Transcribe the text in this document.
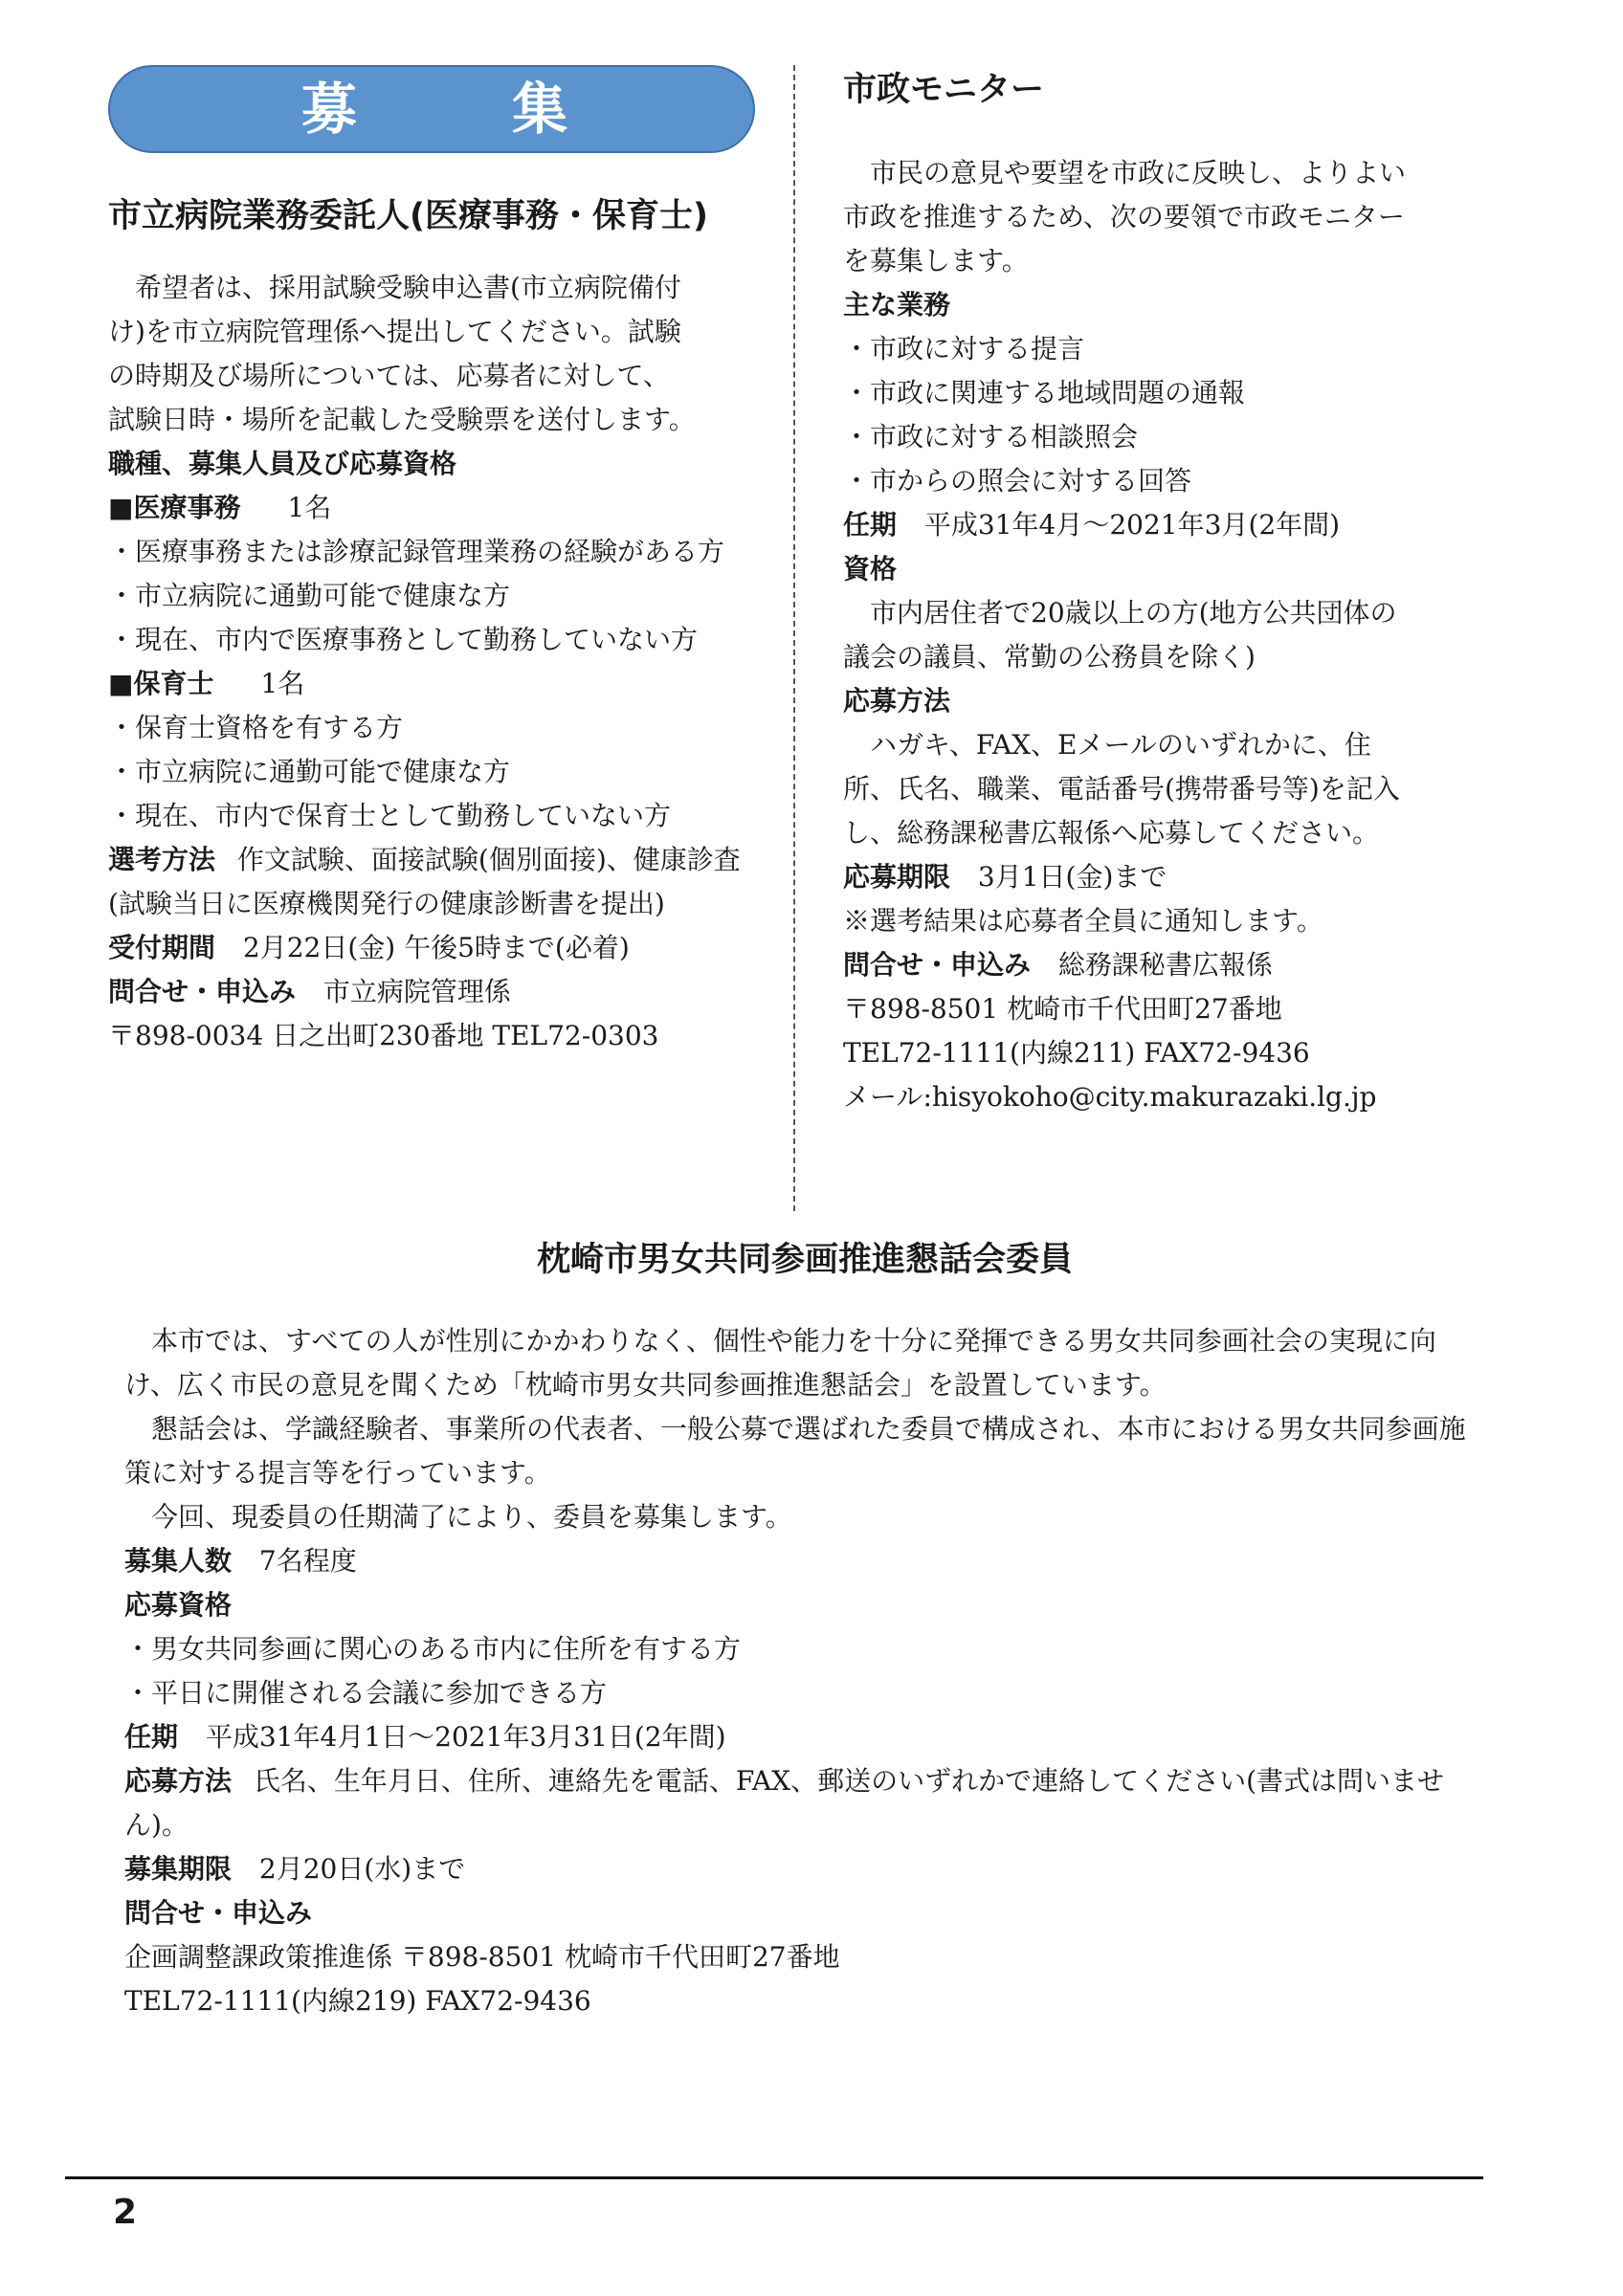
募	集
市立病院業務委託人(医療事務・保育士)
希望者は、採用試験受験申込書(市立病院備付
け)を市立病院管理係へ提出してください。試験
の時期及び場所については、応募者に対して、
試験日時・場所を記載した受験票を送付します。
職種、募集人員及び応募資格
■医療事務 1名
・医療事務または診療記録管理業務の経験がある方
・市立病院に通勤可能で健康な方
・現在、市内で医療事務として勤務していない方
■保育士 1名
・保育士資格を有する方
・市立病院に通勤可能で健康な方
・現在、市内で保育士として勤務していない方
選考方法 作文試験、面接試験(個別面接)、健康診査(試験当日に医療機関発行の健康診断書を提出)
受付期間 2月22日(金) 午後5時まで(必着)
問合せ・申込み 市立病院管理係
〒898-0034 日之出町230番地 TEL72-0303
市政モニター
市民の意見や要望を市政に反映し、よりよい
市政を推進するため、次の要領で市政モニター
を募集します。
主な業務
・市政に対する提言
・市政に関連する地域問題の通報
・市政に対する相談照会
・市からの照会に対する回答
任期 平成31年4月～2021年3月(2年間)
資格
市内居住者で20歳以上の方(地方公共団体の
議会の議員、常勤の公務員を除く)
応募方法
ハガキ、FAX、Eメールのいずれかに、住
所、氏名、職業、電話番号(携帯番号等)を記入
し、総務課秘書広報係へ応募してください。
応募期限 3月1日(金)まで
※選考結果は応募者全員に通知します。
問合せ・申込み 総務課秘書広報係
〒898-8501 枕崎市千代田町27番地
TEL72-1111(内線211) FAX72-9436
メール:hisyokoho@city.makurazaki.lg.jp
枕崎市男女共同参画推進懇話会委員
本市では、すべての人が性別にかかわりなく、個性や能力を十分に発揮できる男女共同参画社会の実現に向け、広く市民の意見を聞くため「枕崎市男女共同参画推進懇話会」を設置しています。
懇話会は、学識経験者、事業所の代表者、一般公募で選ばれた委員で構成され、本市における男女共同参画施策に対する提言等を行っています。
今回、現委員の任期満了により、委員を募集します。
募集人数 7名程度
応募資格
・男女共同参画に関心のある市内に住所を有する方
・平日に開催される会議に参加できる方
任期 平成31年4月1日～2021年3月31日(2年間)
応募方法 氏名、生年月日、住所、連絡先を電話、FAX、郵送のいずれかで連絡してください(書式は問いません)。
募集期限 2月20日(水)まで
問合せ・申込み
企画調整課政策推進係 〒898-8501 枕崎市千代田町27番地
TEL72-1111(内線219) FAX72-9436
2
